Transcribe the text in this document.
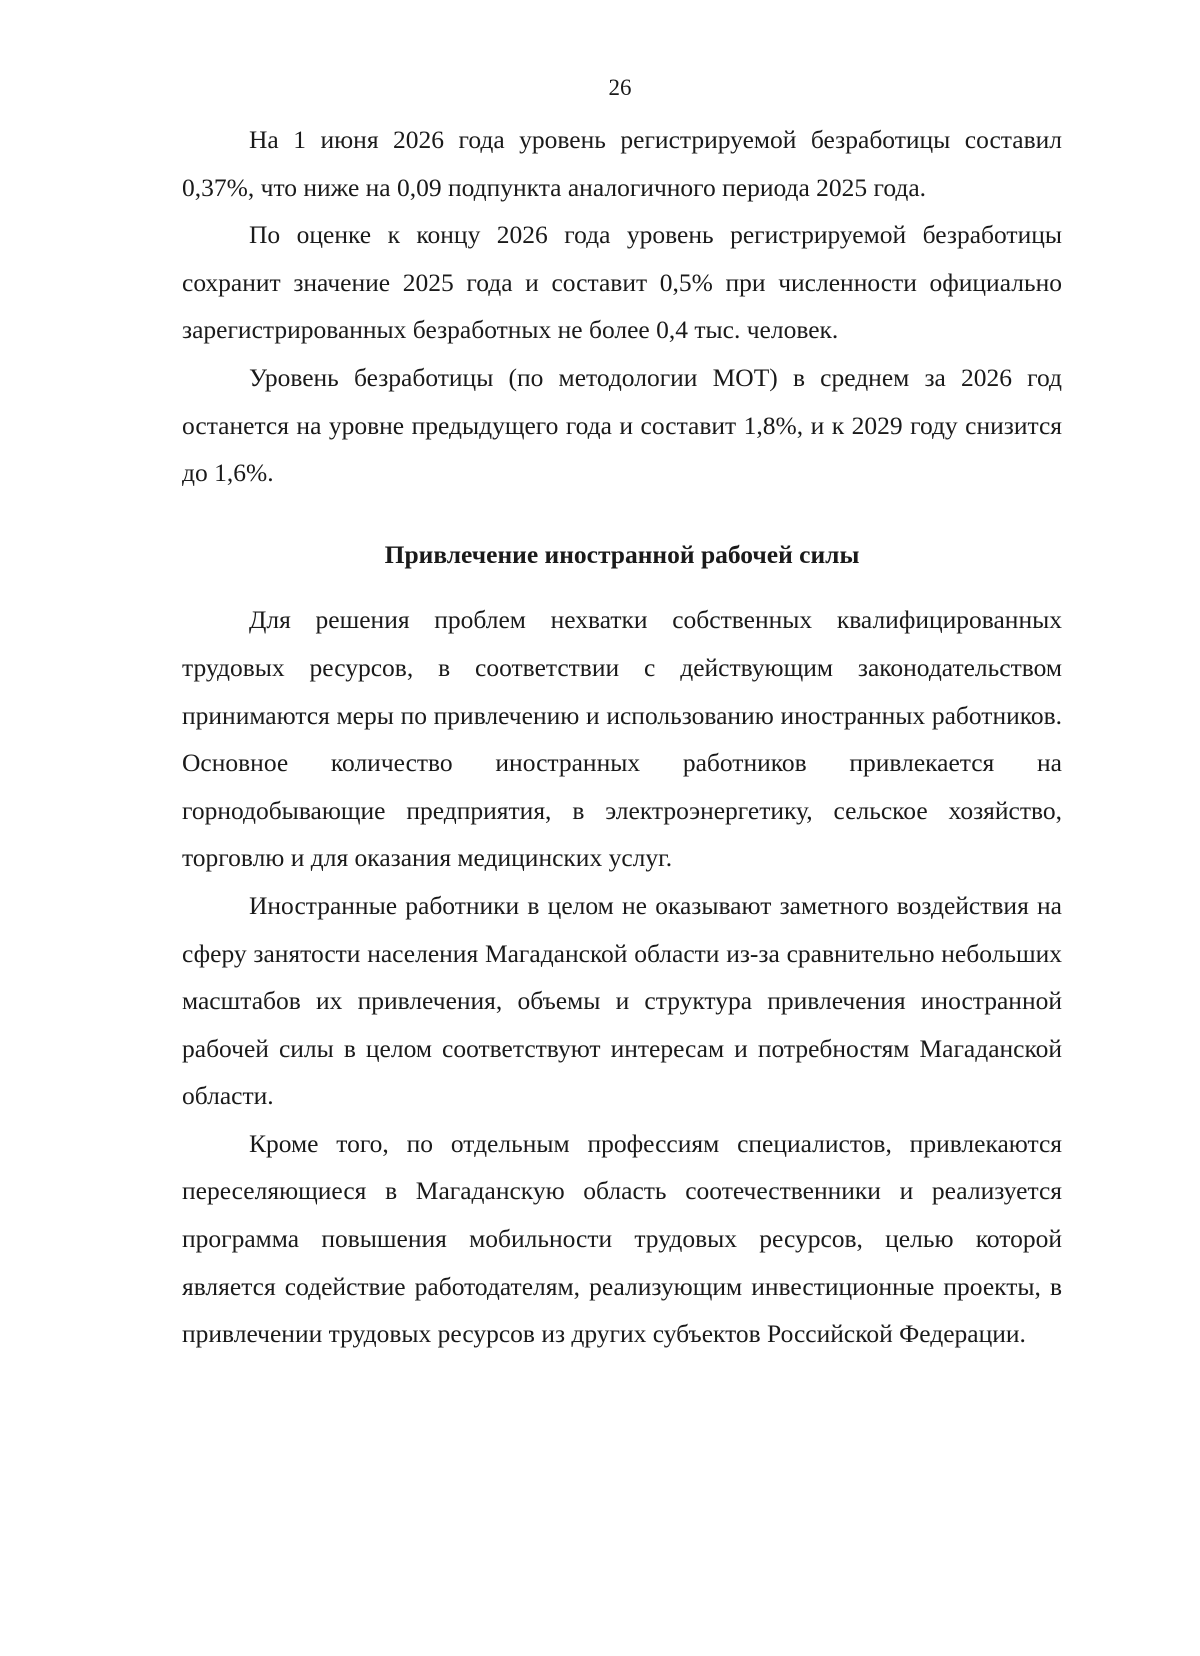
26

На 1 июня 2026 года уровень регистрируемой безработицы составил 0,37%, что ниже на 0,09 подпункта аналогичного периода 2025 года.

По оценке к концу 2026 года уровень регистрируемой безработицы сохранит значение 2025 года и составит 0,5% при численности официально зарегистрированных безработных не более 0,4 тыс. человек.

Уровень безработицы (по методологии МОТ) в среднем за 2026 год останется на уровне предыдущего года и составит 1,8%, и к 2029 году снизится до 1,6%.

Привлечение иностранной рабочей силы

Для решения проблем нехватки собственных квалифицированных трудовых ресурсов, в соответствии с действующим законодательством принимаются меры по привлечению и использованию иностранных работников. Основное количество иностранных работников привлекается на горнодобывающие предприятия, в электроэнергетику, сельское хозяйство, торговлю и для оказания медицинских услуг.

Иностранные работники в целом не оказывают заметного воздействия на сферу занятости населения Магаданской области из-за сравнительно небольших масштабов их привлечения, объемы и структура привлечения иностранной рабочей силы в целом соответствуют интересам и потребностям Магаданской области.

Кроме того, по отдельным профессиям специалистов, привлекаются переселяющиеся в Магаданскую область соотечественники и реализуется программа повышения мобильности трудовых ресурсов, целью которой является содействие работодателям, реализующим инвестиционные проекты, в привлечении трудовых ресурсов из других субъектов Российской Федерации.
